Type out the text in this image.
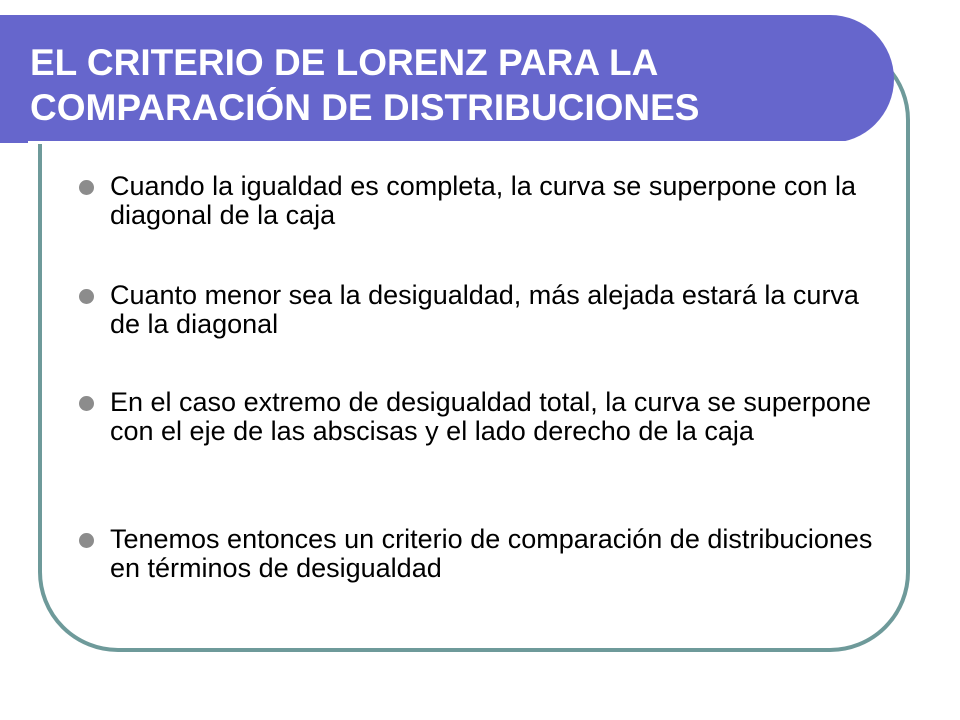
EL CRITERIO DE LORENZ PARA LA COMPARACIÓN DE DISTRIBUCIONES
Cuando la igualdad es completa, la curva se superpone con la diagonal de la caja
Cuanto menor sea la desigualdad, más alejada estará la curva de la diagonal
En el caso extremo de desigualdad total, la curva se superpone con el eje de las abscisas y el lado derecho de la caja
Tenemos entonces un criterio de comparación de distribuciones en términos de desigualdad
